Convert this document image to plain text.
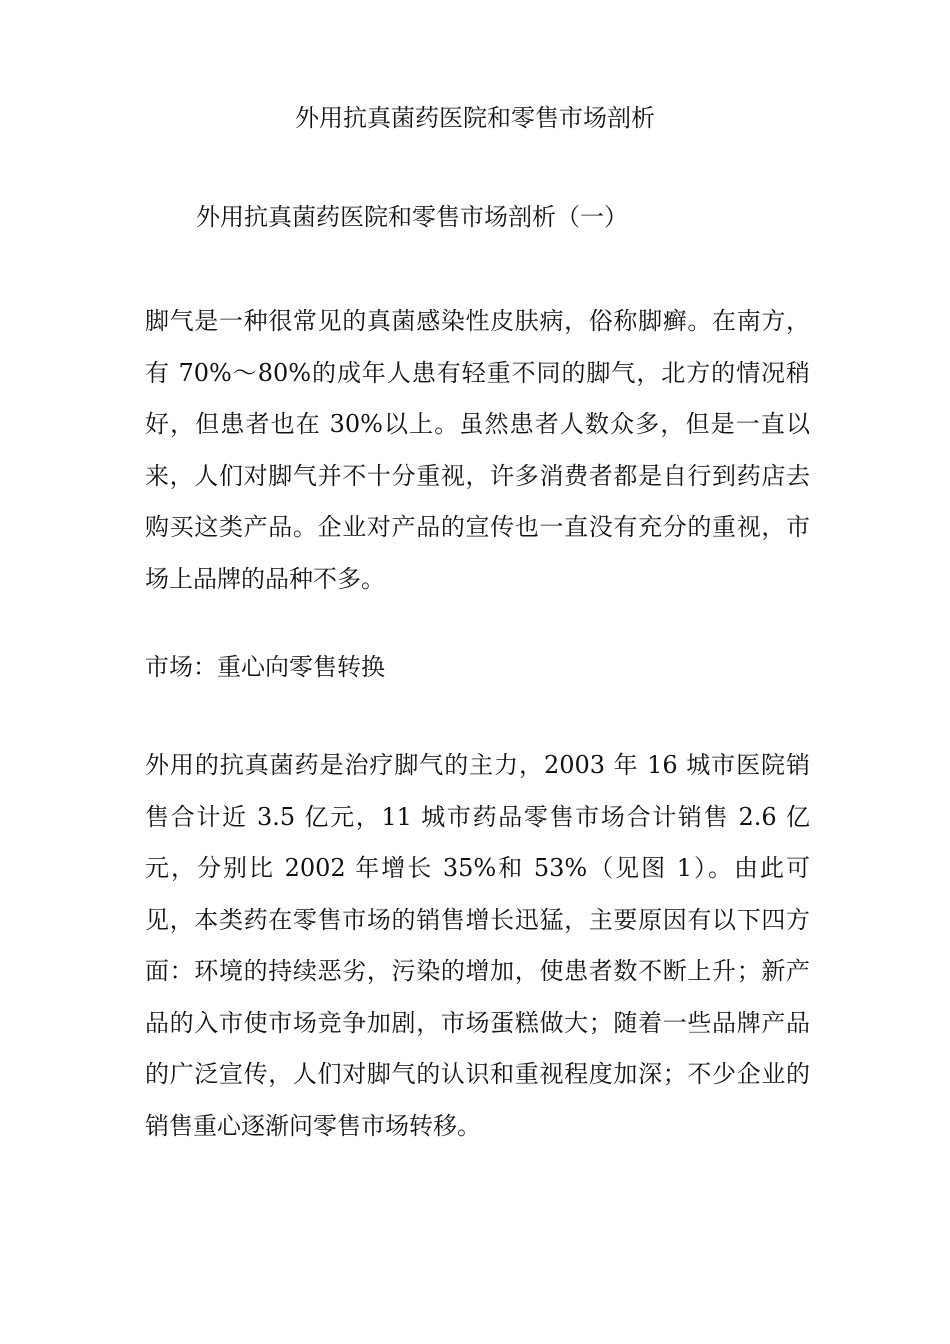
外用抗真菌药医院和零售市场剖析
外用抗真菌药医院和零售市场剖析（一）

脚气是一种很常见的真菌感染性皮肤病，俗称脚癣。在南方，有 70%～80%的成年人患有轻重不同的脚气，北方的情况稍好，但患者也在 30%以上。虽然患者人数众多，但是一直以来，人们对脚气并不十分重视，许多消费者都是自行到药店去购买这类产品。企业对产品的宣传也一直没有充分的重视，市场上品牌的品种不多。

市场：重心向零售转换

外用的抗真菌药是治疗脚气的主力，2003 年 16 城市医院销售合计近 3.5 亿元，11 城市药品零售市场合计销售 2.6 亿元，分别比 2002 年增长 35%和 53%（见图 1）。由此可见，本类药在零售市场的销售增长迅猛，主要原因有以下四方面：环境的持续恶劣，污染的增加，使患者数不断上升；新产品的入市使市场竞争加剧，市场蛋糕做大；随着一些品牌产品的广泛宣传，人们对脚气的认识和重视程度加深；不少企业的销售重心逐渐问零售市场转移。
